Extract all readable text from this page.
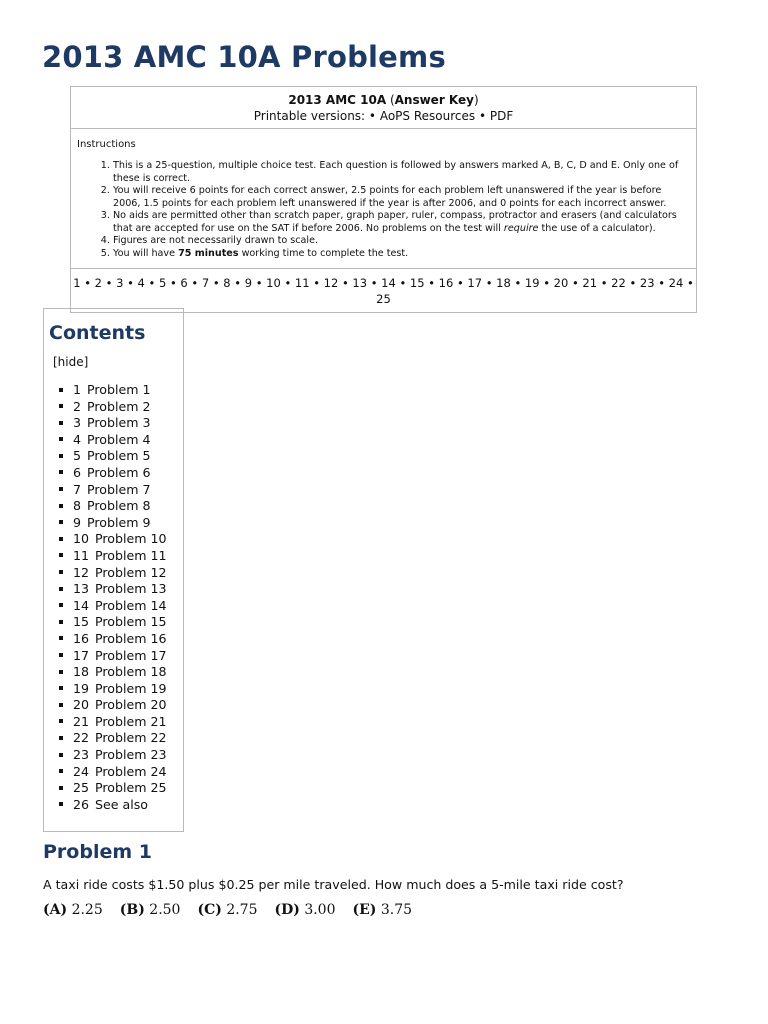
2013 AMC 10A Problems
2013 AMC 10A (Answer Key)
Printable versions: • AoPS Resources • PDF
Instructions
1. This is a 25-question, multiple choice test. Each question is followed by answers marked A, B, C, D and E. Only one of these is correct.
2. You will receive 6 points for each correct answer, 2.5 points for each problem left unanswered if the year is before 2006, 1.5 points for each problem left unanswered if the year is after 2006, and 0 points for each incorrect answer.
3. No aids are permitted other than scratch paper, graph paper, ruler, compass, protractor and erasers (and calculators that are accepted for use on the SAT if before 2006. No problems on the test will require the use of a calculator).
4. Figures are not necessarily drawn to scale.
5. You will have 75 minutes working time to complete the test.
1 • 2 • 3 • 4 • 5 • 6 • 7 • 8 • 9 • 10 • 11 • 12 • 13 • 14 • 15 • 16 • 17 • 18 • 19 • 20 • 21 • 22 • 23 • 24 • 25
Contents
[hide]
1 Problem 1
2 Problem 2
3 Problem 3
4 Problem 4
5 Problem 5
6 Problem 6
7 Problem 7
8 Problem 8
9 Problem 9
10 Problem 10
11 Problem 11
12 Problem 12
13 Problem 13
14 Problem 14
15 Problem 15
16 Problem 16
17 Problem 17
18 Problem 18
19 Problem 19
20 Problem 20
21 Problem 21
22 Problem 22
23 Problem 23
24 Problem 24
25 Problem 25
26 See also
Problem 1
A taxi ride costs $1.50 plus $0.25 per mile traveled. How much does a 5-mile taxi ride cost?
(A) 2.25 (B) 2.50 (C) 2.75 (D) 3.00 (E) 3.75
